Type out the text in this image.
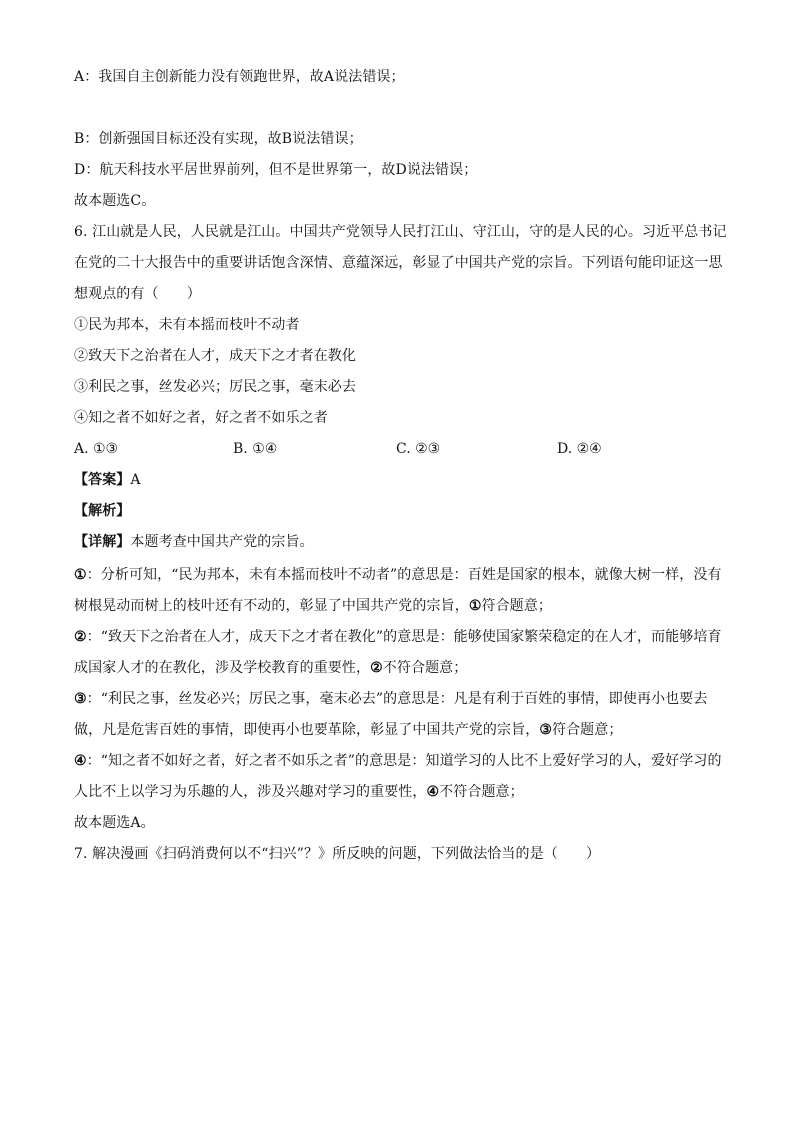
A：我国自主创新能力没有领跑世界，故A说法错误；
B：创新强国目标还没有实现，故B说法错误；
D：航天科技水平居世界前列，但不是世界第一，故D说法错误；
故本题选C。
6. 江山就是人民，人民就是江山。中国共产党领导人民打江山、守江山，守的是人民的心。习近平总书记
在党的二十大报告中的重要讲话饱含深情、意蕴深远，彰显了中国共产党的宗旨。下列语句能印证这一思
想观点的有（　　）
①民为邦本，未有本摇而枝叶不动者
②致天下之治者在人才，成天下之才者在教化
③利民之事，丝发必兴；厉民之事，毫末必去
④知之者不如好之者，好之者不如乐之者
A. ①③	B. ①④	C. ②③	D. ②④
【答案】A
【解析】
【详解】本题考查中国共产党的宗旨。
①：分析可知，“民为邦本，未有本摇而枝叶不动者”的意思是：百姓是国家的根本，就像大树一样，没有
树根晃动而树上的枝叶还有不动的，彰显了中国共产党的宗旨，①符合题意；
②：“致天下之治者在人才，成天下之才者在教化”的意思是：能够使国家繁荣稳定的在人才，而能够培育
成国家人才的在教化，涉及学校教育的重要性，②不符合题意；
③：“利民之事，丝发必兴；厉民之事，毫末必去”的意思是：凡是有利于百姓的事情，即使再小也要去
做，凡是危害百姓的事情，即使再小也要革除，彰显了中国共产党的宗旨，③符合题意；
④：“知之者不如好之者，好之者不如乐之者”的意思是：知道学习的人比不上爱好学习的人，爱好学习的
人比不上以学习为乐趣的人，涉及兴趣对学习的重要性，④不符合题意；
故本题选A。
7. 解决漫画《扫码消费何以不“扫兴”？》所反映的问题，下列做法恰当的是（　　）
